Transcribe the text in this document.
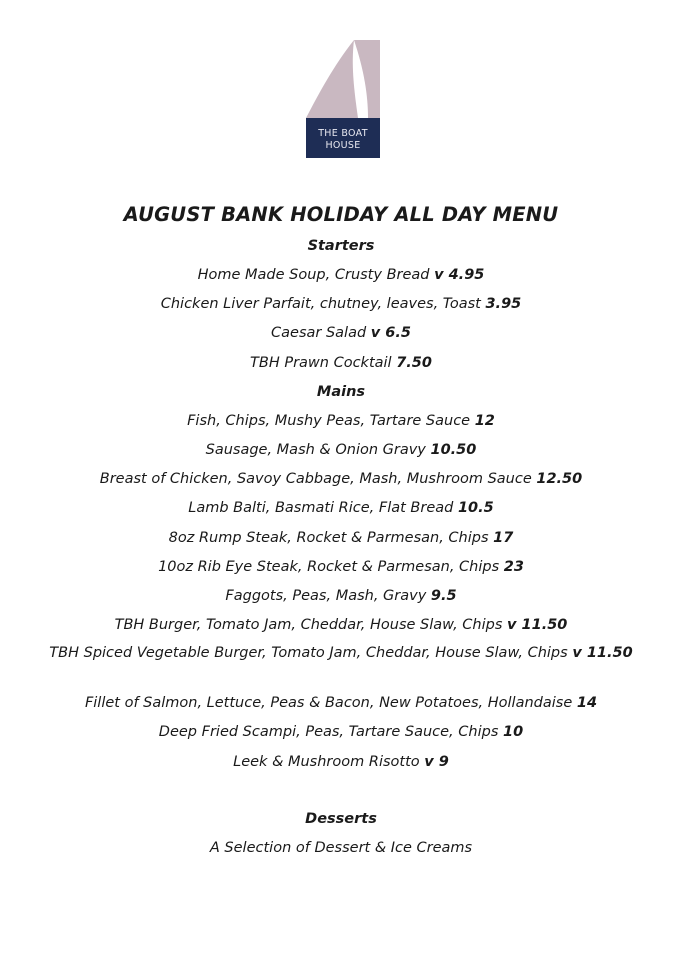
THE BOAT
HOUSE
AUGUST BANK HOLIDAY ALL DAY MENU
Starters
Home Made Soup, Crusty Bread v 4.95
Chicken Liver Parfait, chutney, leaves, Toast 3.95
Caesar Salad v 6.5
TBH Prawn Cocktail 7.50
Mains
Fish, Chips, Mushy Peas, Tartare Sauce 12
Sausage, Mash & Onion Gravy 10.50
Breast of Chicken, Savoy Cabbage, Mash, Mushroom Sauce 12.50
Lamb Balti, Basmati Rice, Flat Bread 10.5
8oz Rump Steak, Rocket & Parmesan, Chips 17
10oz Rib Eye Steak, Rocket & Parmesan, Chips 23
Faggots, Peas, Mash, Gravy 9.5
TBH Burger, Tomato Jam, Cheddar, House Slaw, Chips v 11.50
TBH Spiced Vegetable Burger, Tomato Jam, Cheddar, House Slaw, Chips v 11.50
Fillet of Salmon, Lettuce, Peas & Bacon, New Potatoes, Hollandaise 14
Deep Fried Scampi, Peas, Tartare Sauce, Chips 10
Leek & Mushroom Risotto v 9
Desserts
A Selection of Dessert & Ice Creams
